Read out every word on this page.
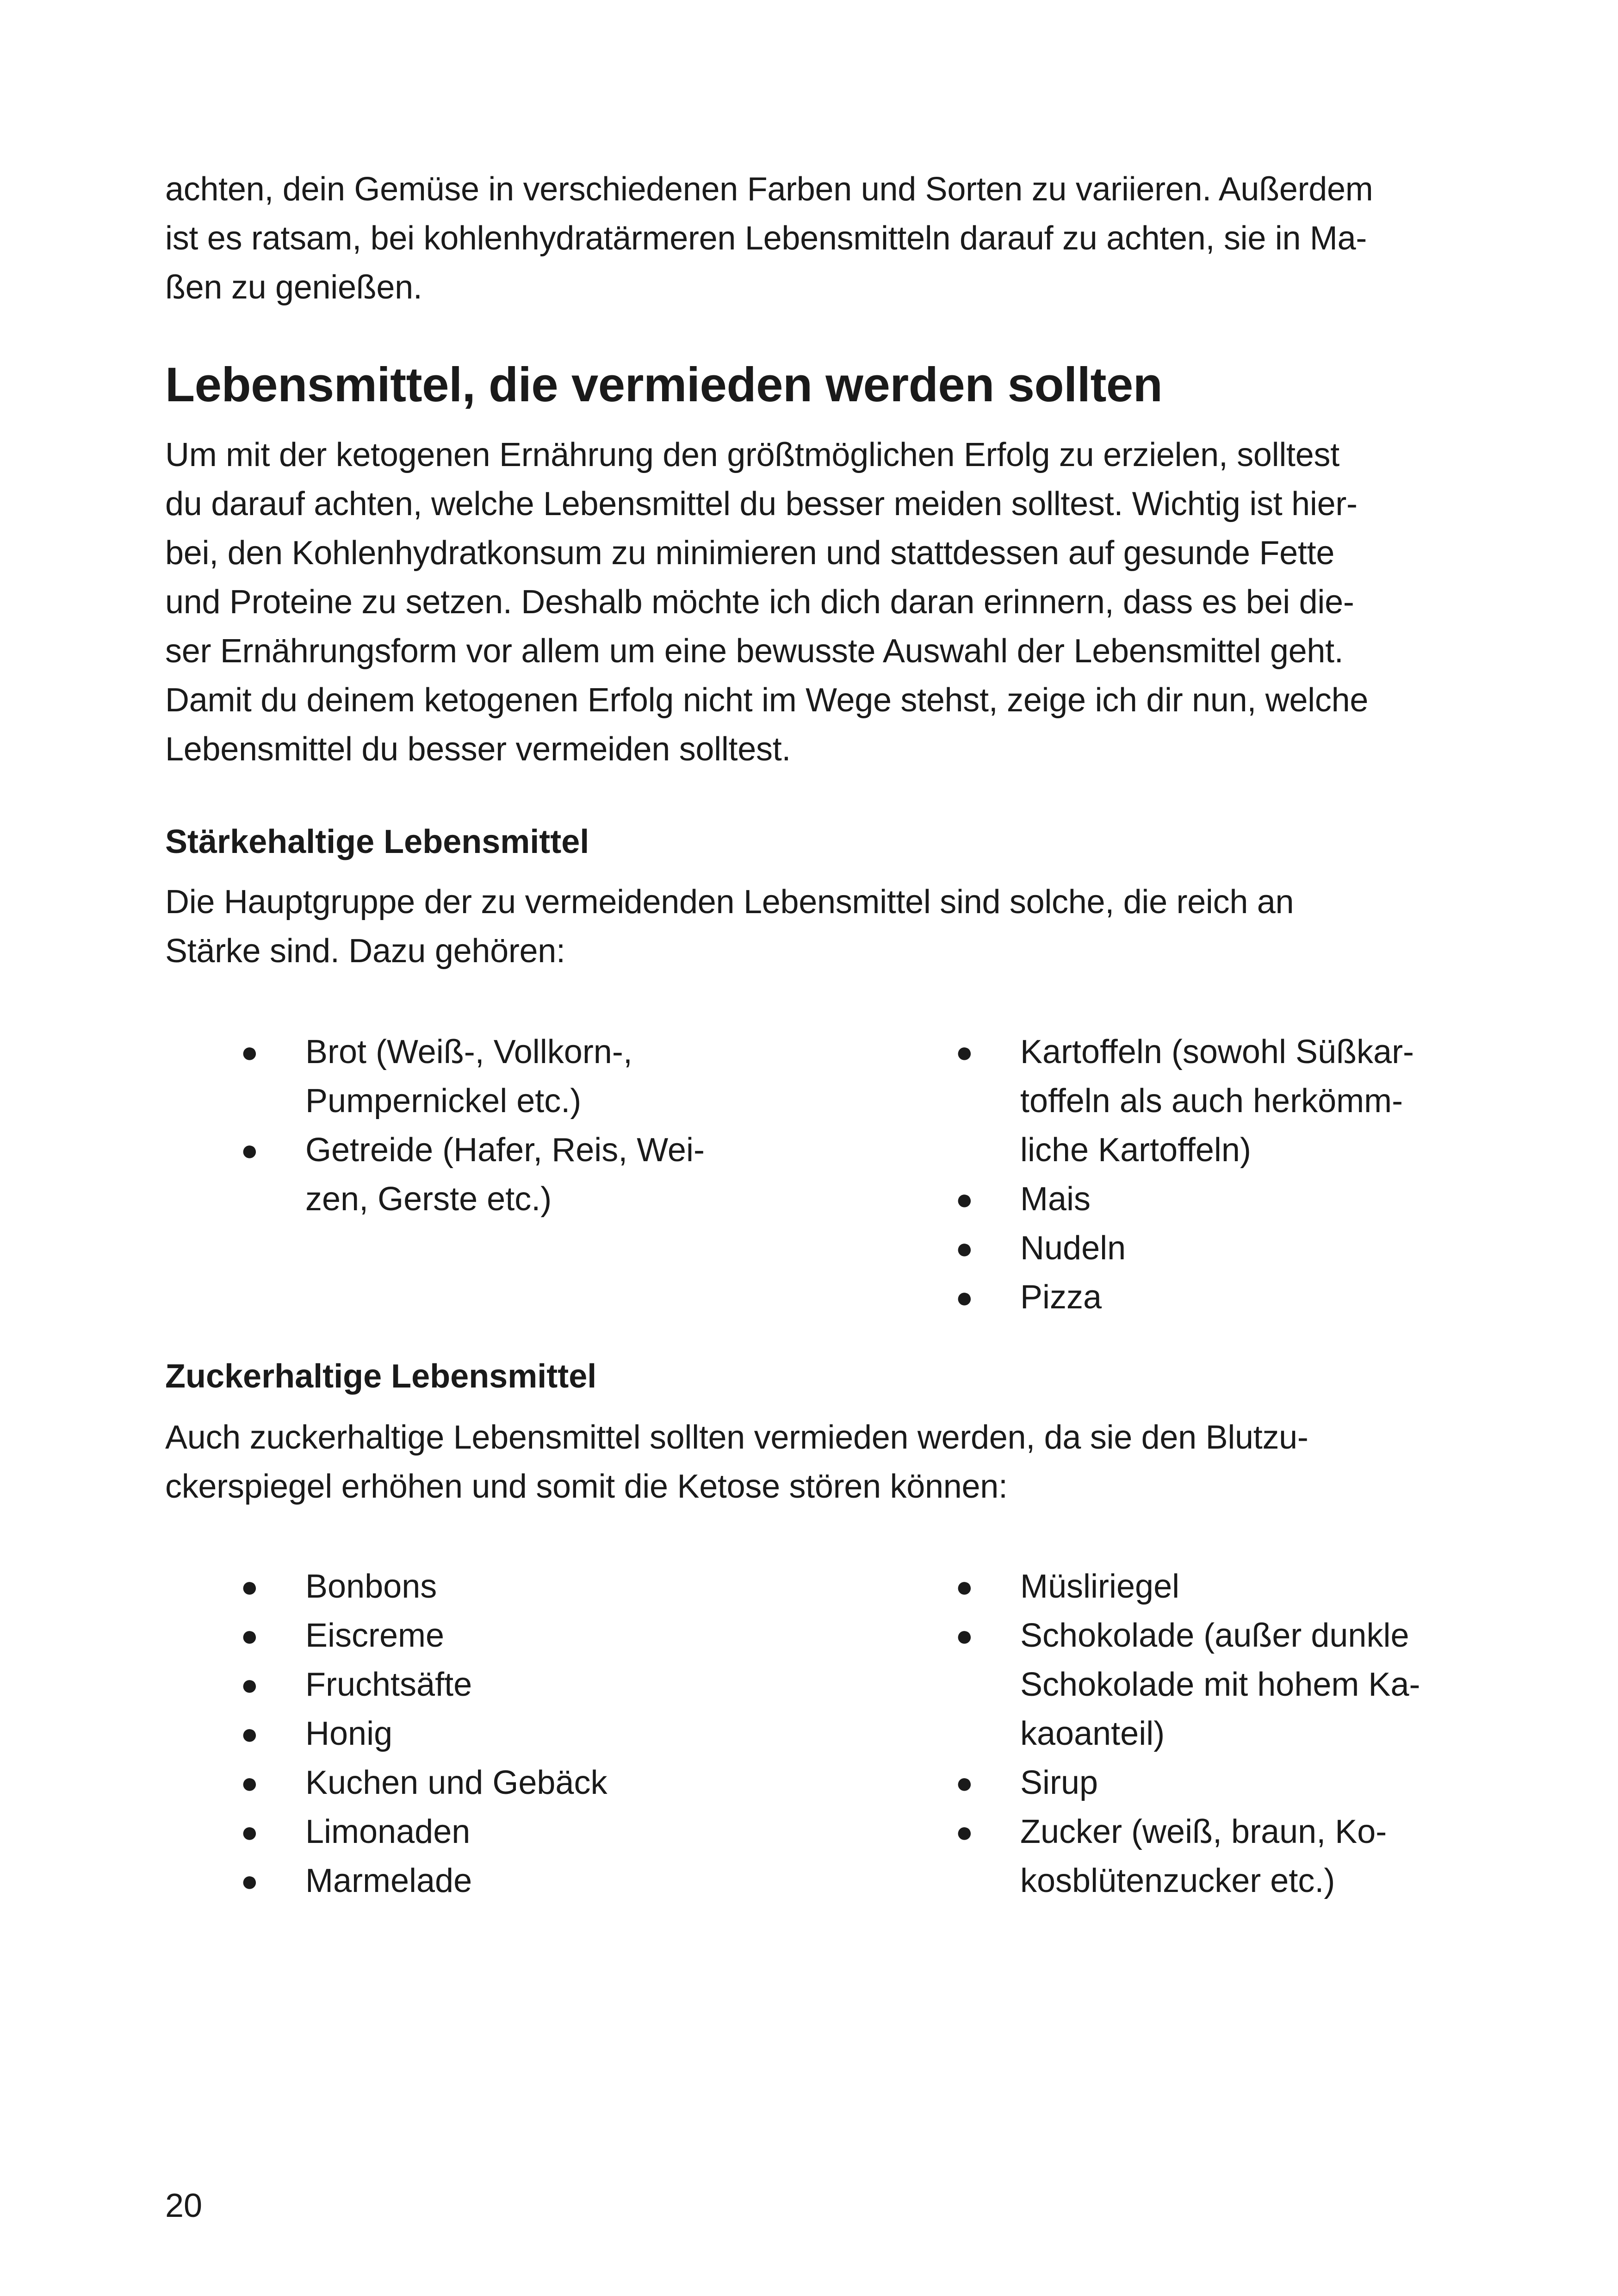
achten, dein Gemüse in verschiedenen Farben und Sorten zu variieren. Außerdem
ist es ratsam, bei kohlenhydratärmeren Lebensmitteln darauf zu achten, sie in Ma-
ßen zu genießen.
Lebensmittel, die vermieden werden sollten
Um mit der ketogenen Ernährung den größtmöglichen Erfolg zu erzielen, solltest
du darauf achten, welche Lebensmittel du besser meiden solltest. Wichtig ist hier-
bei, den Kohlenhydratkonsum zu minimieren und stattdessen auf gesunde Fette
und Proteine zu setzen. Deshalb möchte ich dich daran erinnern, dass es bei die-
ser Ernährungsform vor allem um eine bewusste Auswahl der Lebensmittel geht.
Damit du deinem ketogenen Erfolg nicht im Wege stehst, zeige ich dir nun, welche
Lebensmittel du besser vermeiden solltest.
Stärkehaltige Lebensmittel
Die Hauptgruppe der zu vermeidenden Lebensmittel sind solche, die reich an
Stärke sind. Dazu gehören:
Brot (Weiß-, Vollkorn-,
Pumpernickel etc.)
Getreide (Hafer, Reis, Wei-
zen, Gerste etc.)
Kartoffeln (sowohl Süßkar-
toffeln als auch herkömm-
liche Kartoffeln)
Mais
Nudeln
Pizza
Zuckerhaltige Lebensmittel
Auch zuckerhaltige Lebensmittel sollten vermieden werden, da sie den Blutzu-
ckerspiegel erhöhen und somit die Ketose stören können:
Bonbons
Eiscreme
Fruchtsäfte
Honig
Kuchen und Gebäck
Limonaden
Marmelade
Müsliriegel
Schokolade (außer dunkle
Schokolade mit hohem Ka-
kaoanteil)
Sirup
Zucker (weiß, braun, Ko-
kosblütenzucker etc.)
20
